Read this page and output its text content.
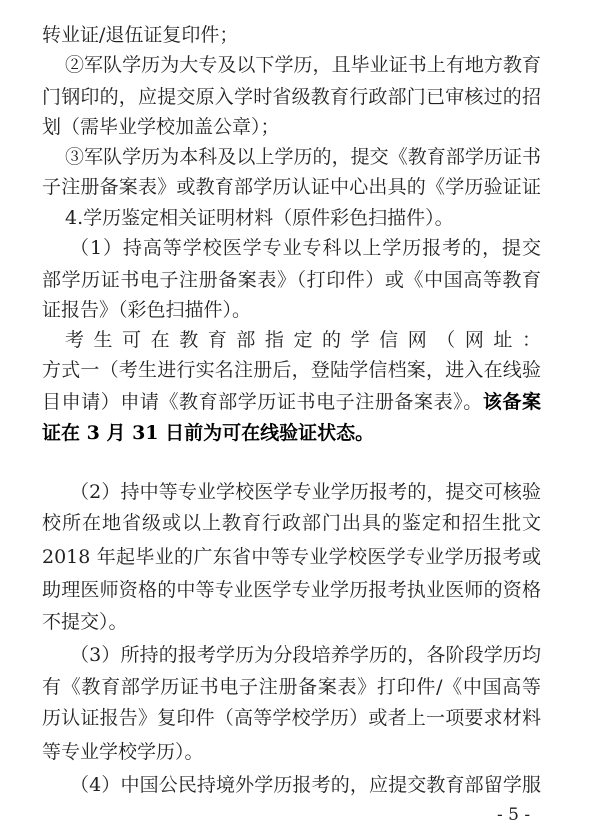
转业证/退伍证复印件；
②军队学历为大专及以下学历，且毕业证书上有地方教育
门钢印的，应提交原入学时省级教育行政部门已审核过的招
划（需毕业学校加盖公章）；
③军队学历为本科及以上学历的，提交《教育部学历证书
子注册备案表》或教育部学历认证中心出具的《学历验证证
4.学历鉴定相关证明材料（原件彩色扫描件）。
（1）持高等学校医学专业专科以上学历报考的，提交
部学历证书电子注册备案表》（打印件）或《中国高等教育
证报告》（彩色扫描件）。
考生可在教育部指定的学信网（网址：
方式一（考生进行实名注册后，登陆学信档案，进入在线验
目申请）申请《教育部学历证书电子注册备案表》。该备案
证在 3 月 31 日前为可在线验证状态。
（2）持中等专业学校医学专业学历报考的，提交可核验
校所在地省级或以上教育行政部门出具的鉴定和招生批文
2018 年起毕业的广东省中等专业学校医学专业学历报考或
助理医师资格的中等专业医学专业学历报考执业医师的资格
不提交）。
（3）所持的报考学历为分段培养学历的，各阶段学历均
有《教育部学历证书电子注册备案表》打印件/《中国高等
历认证报告》复印件（高等学校学历）或者上一项要求材料
等专业学校学历）。
（4）中国公民持境外学历报考的，应提交教育部留学服
- 5 -
